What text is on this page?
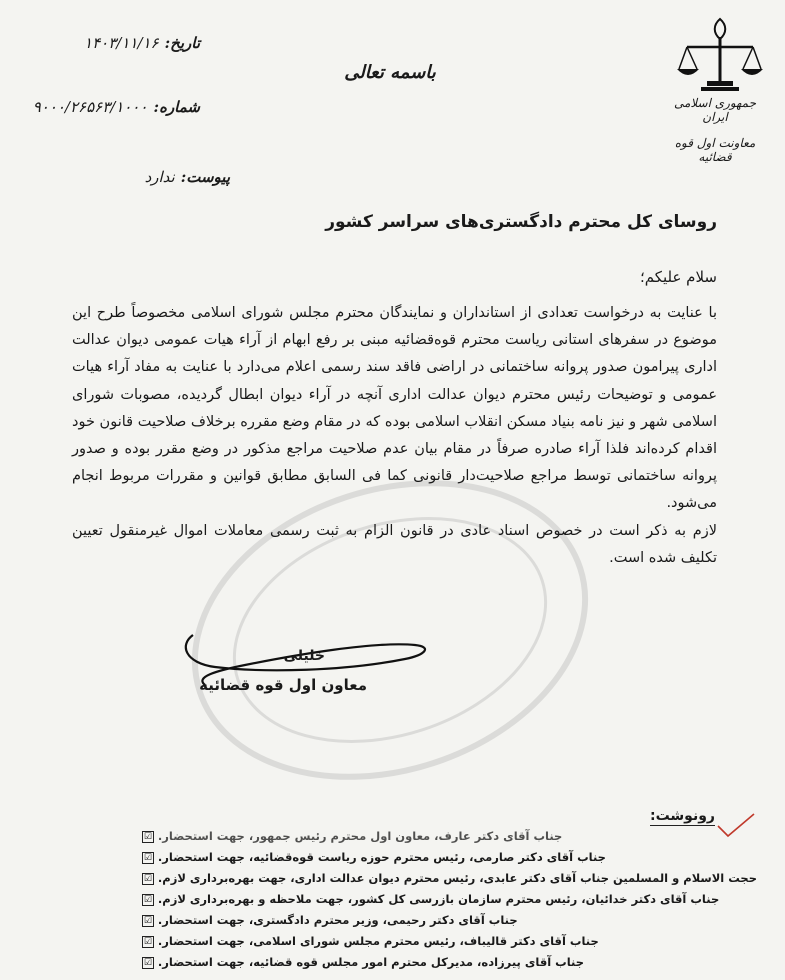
جمهوری اسلامی ایران
معاونت اول قوه قضائیه
باسمه تعالی
تاریخ:۱۴۰۳/۱۱/۱۶
شماره:۹۰۰۰/۲۶۵۶۳/۱۰۰۰
پیوست:ندارد
روسای کل محترم دادگستری‌های سراسر کشور
سلام علیکم؛

با عنایت به درخواست تعدادی از استانداران و نمایندگان محترم مجلس شورای اسلامی مخصوصاً طرح این موضوع در سفرهای استانی ریاست محترم قوه‌قضائیه مبنی بر رفع ابهام از آراء هیات عمومی دیوان عدالت اداری پیرامون صدور پروانه ساختمانی در اراضی فاقد سند رسمی اعلام می‌دارد با عنایت به مفاد آراء هیات عمومی و توضیحات رئیس محترم دیوان عدالت اداری آنچه در آراء دیوان ابطال گردیده، مصوبات شورای اسلامی شهر و نیز نامه بنیاد مسکن انقلاب اسلامی بوده که در مقام وضع مقرره برخلاف صلاحیت قانون خود اقدام کرده‌اند فلذا آراء صادره صرفاً در مقام بیان عدم صلاحیت مراجع مذکور در وضع مقرر بوده و صدور پروانه ساختمانی توسط مراجع صلاحیت‌دار قانونی کما فی السابق مطابق قوانین و مقررات مربوط انجام می‌شود.

لازم به ذکر است در خصوص اسناد عادی در قانون الزام به ثبت رسمی معاملات اموال غیرمنقول تعیین تکلیف شده است.

خلیلی
معاون اول قوه قضائیه
رونوشت:
☑ جناب آقای دکتر عارف، معاون اول محترم رئیس جمهور، جهت استحضار.
☑ جناب آقای دکتر صارمی، رئیس محترم حوزه ریاست قوه‌قضائیه، جهت استحضار.
☑ حجت الاسلام و المسلمین جناب آقای دکتر عابدی، رئیس محترم دیوان عدالت اداری، جهت بهره‌برداری لازم.
☑ جناب آقای دکتر خدائیان، رئیس محترم سازمان بازرسی کل کشور، جهت ملاحظه و بهره‌برداری لازم.
☑ جناب آقای دکتر رحیمی، وزیر محترم دادگستری، جهت استحضار.
☑ جناب آقای دکتر قالیباف، رئیس محترم مجلس شورای اسلامی، جهت استحضار.
☑ جناب آقای پیرزاده، مدیرکل محترم امور مجلس قوه قضائیه، جهت استحضار.
